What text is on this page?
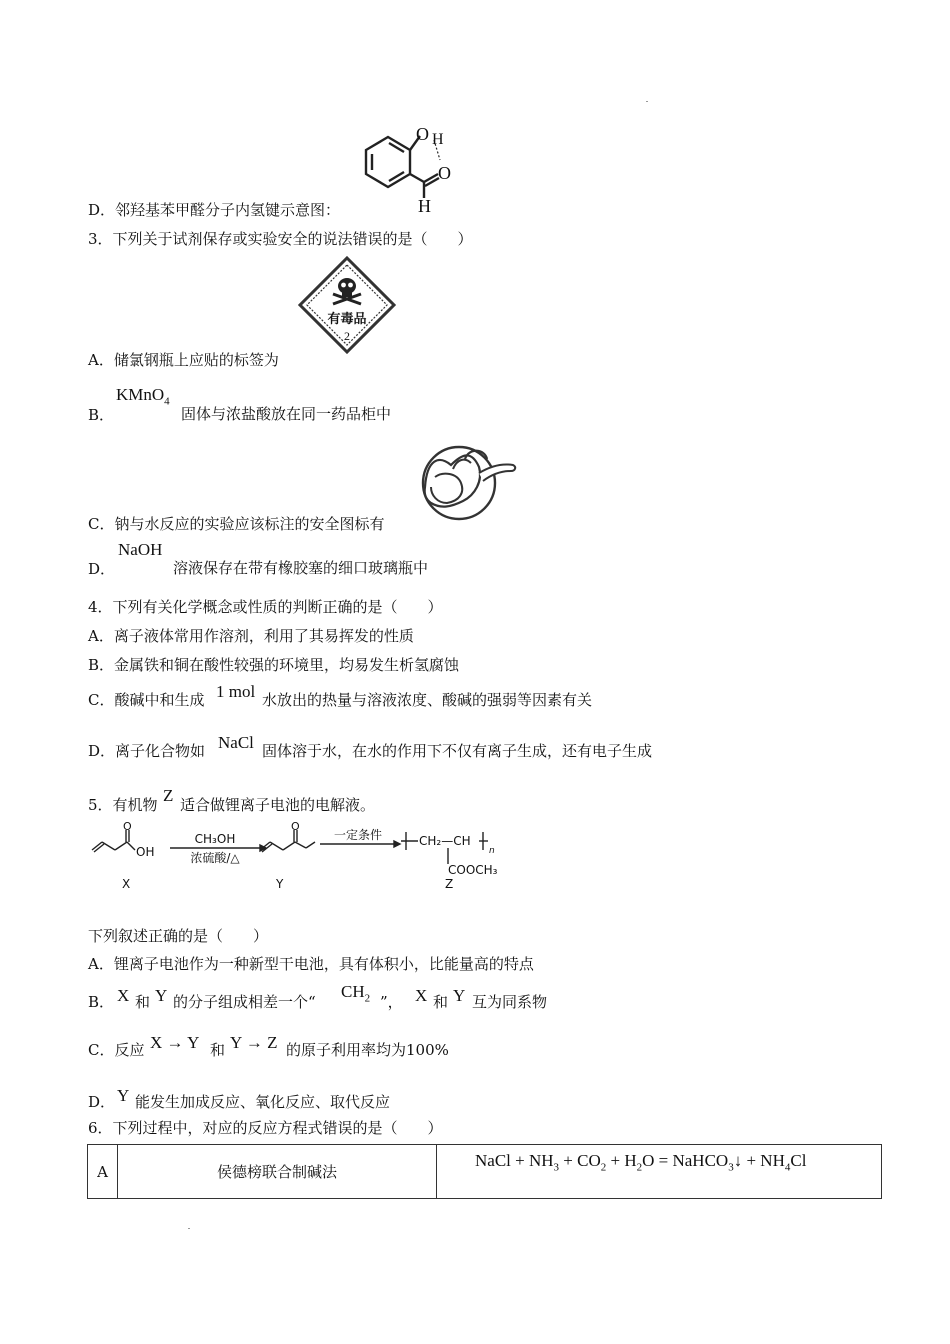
O H
O
H
D．邻羟基苯甲醛分子内氢键示意图：
3．下列关于试剂保存或实验安全的说法错误的是（　　）
有毒品
2
A．储氯钢瓶上应贴的标签为
B．
KMnO$_4$
固体与浓盐酸放在同一药品柜中
C．钠与水反应的实验应该标注的安全图标有
D．
NaOH
溶液保存在带有橡胶塞的细口玻璃瓶中
4．下列有关化学概念或性质的判断正确的是（　　）
A．离子液体常用作溶剂，利用了其易挥发的性质
B．金属铁和铜在酸性较强的环境里，均易发生析氢腐蚀
C．酸碱中和生成 1 mol 水放出的热量与溶液浓度、酸碱的强弱等因素有关
D．离子化合物如 NaCl 固体溶于水，在水的作用下不仅有离子生成，还有电子生成
5．有机物 Z 适合做锂离子电池的电解液。
O
OH
CH₃OH
浓硫酸/△
O
一定条件	CH₂—CH
n
COOCH₃
X	Y	Z
下列叙述正确的是（　　）
A．锂离子电池作为一种新型干电池，具有体积小，比能量高的特点
B． X 和 Y 的分子组成相差一个“
$CH_2$ ”， X 和 Y 互为同系物
C．反应 X → Y 和 Y → Z 的原子利用率均为100%
D． Y 能发生加成反应、氧化反应、取代反应
6．下列过程中，对应的反应方程式错误的是（　　）
A	侯德榜联合制碱法	NaCl + $NH_3 + CO_2 + H_2O$ = NaHCO$_3$↓ + $NH_4Cl$
